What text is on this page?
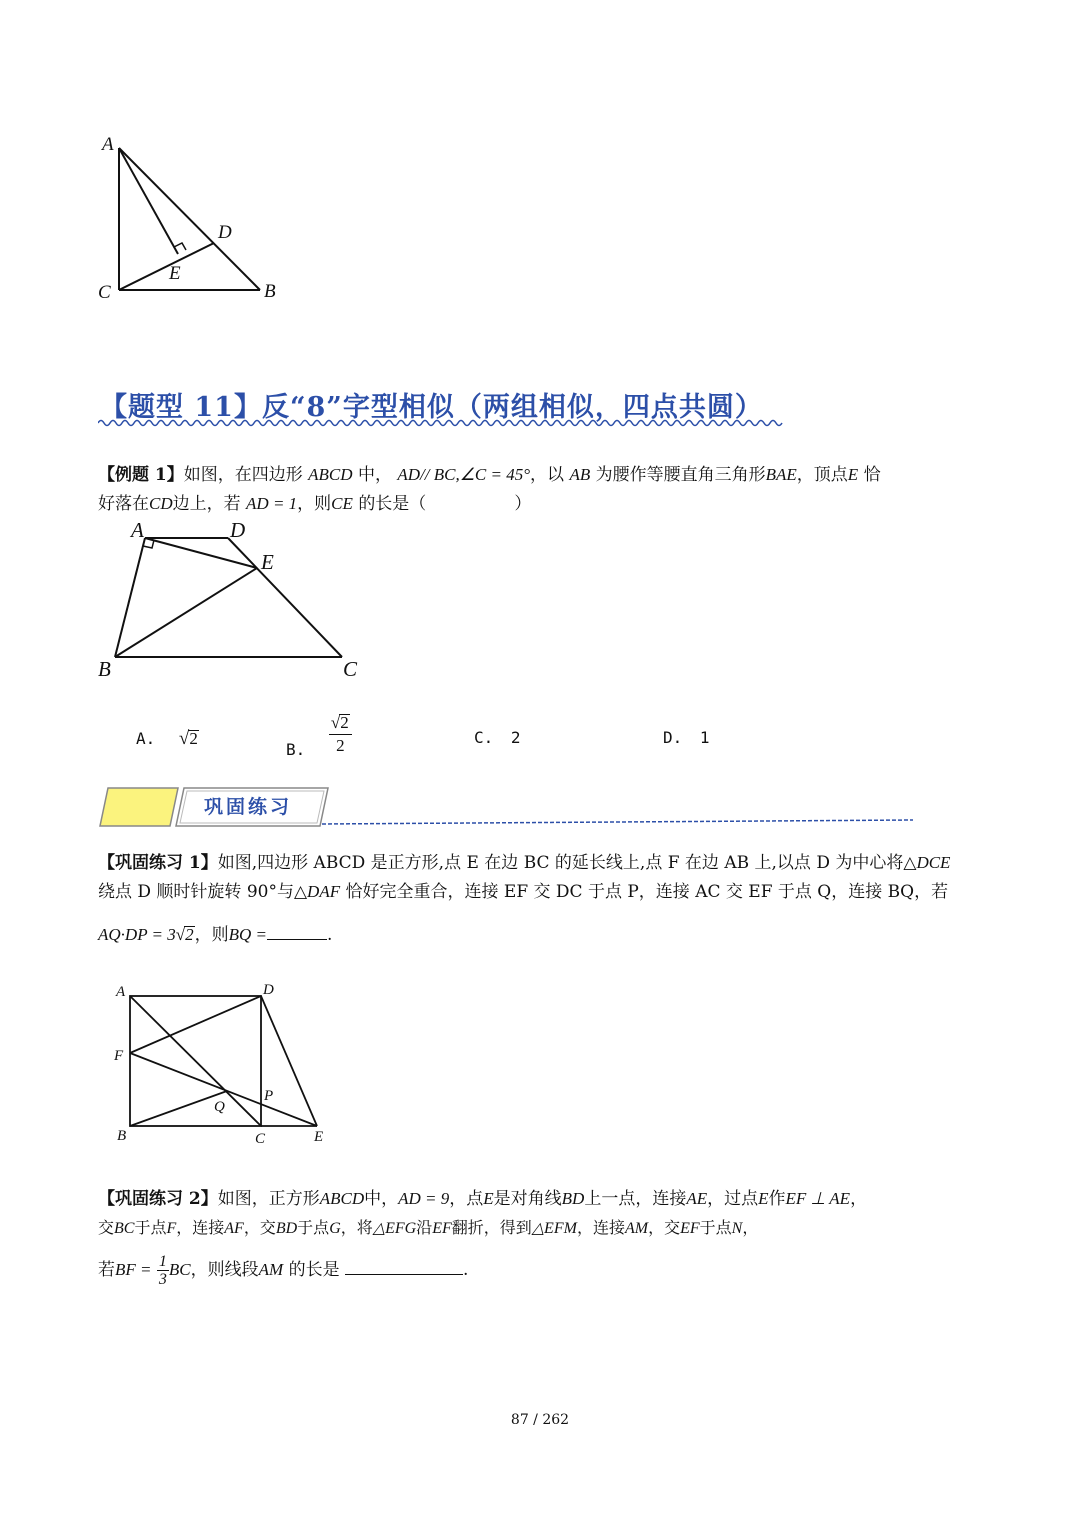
A
D
E
C	B
【题型 11】反“8”字型相似（两组相似，四点共圆）
【例题 1】如图，在四边形 ABCD 中， AD// BC,∠C = 45°，以 AB 为腰作等腰直角三角形BAE，顶点E 恰
好落在CD边上，若 AD = 1，则CE 的长是（	）
A	D
E
B	C
A. √2
B. $\frac{√2}{2}$	C. 2	D. 1
巩固练习
【巩固练习 1】如图,四边形 ABCD 是正方形,点 E 在边 BC 的延长线上,点 F 在边 AB 上,以点 D 为中心将△DCE
绕点 D 顺时针旋转 90°与△DAF 恰好完全重合，连接 EF 交 DC 于点 P，连接 AC 交 EF 于点 Q，连接 BQ，若
AQ·DP = 3√2，则BQ =	.
A	D
F
P
Q
B	C	E
【巩固练习 2】如图，正方形ABCD中，AD = 9，点E是对角线BD上一点，连接AE，过点E作EF ⊥ AE，
交BC于点F，连接AF，交BD于点G，将△EFG沿EF翻折，得到△EFM，连接AM，交EF于点N，
若BF = $\frac{1}{3}$ BC，则线段AM 的长是	.
87 / 262
